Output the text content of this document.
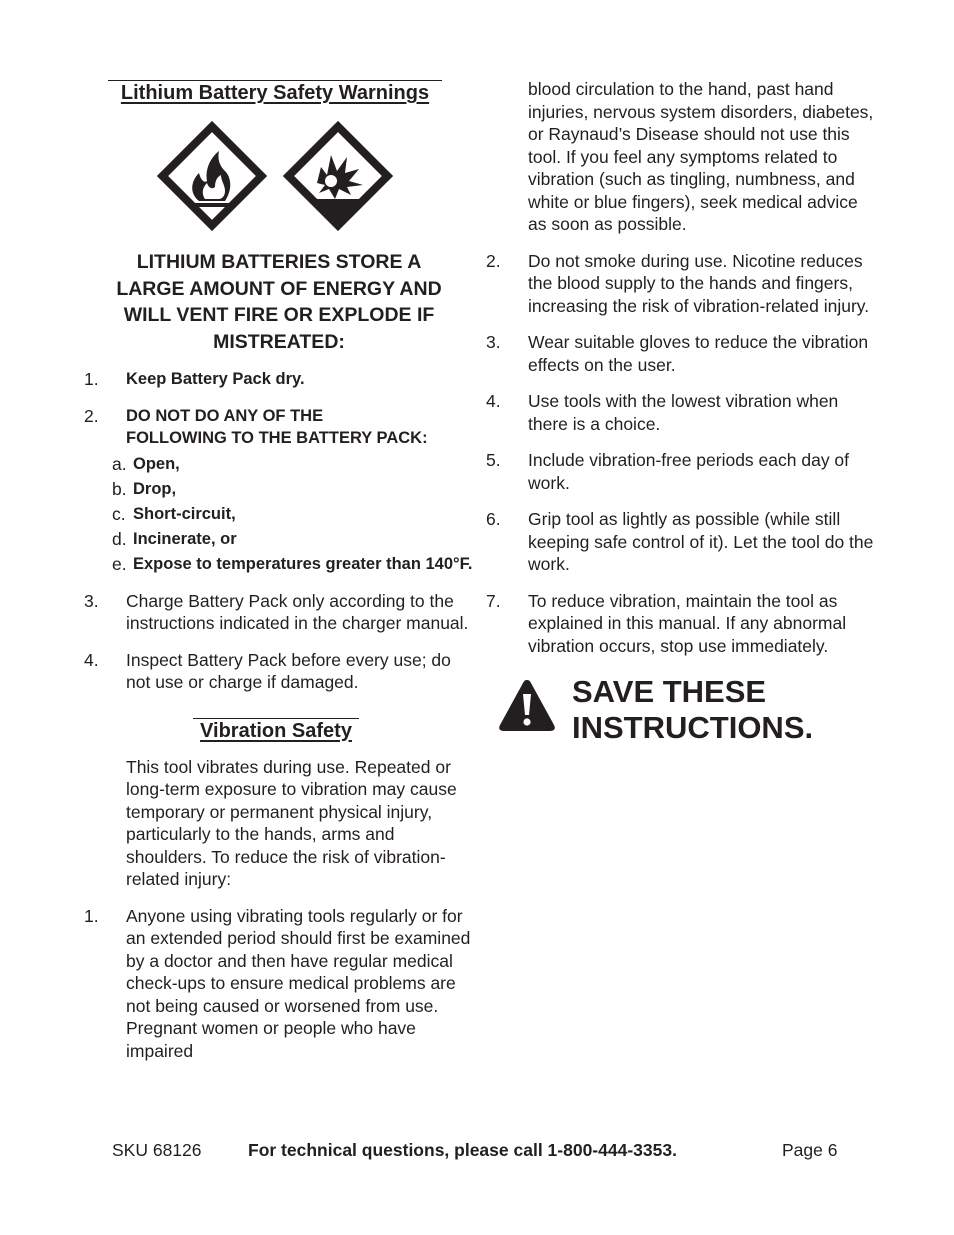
Lithium Battery Safety Warnings

LITHIUM BATTERIES STORE A
LARGE AMOUNT OF ENERGY AND
WILL VENT FIRE OR EXPLODE IF
MISTREATED:

1.	Keep Battery Pack dry.
2.	DO NOT DO ANY OF THE
FOLLOWING TO THE BATTERY PACK:
a. Open,
b. Drop,
c. Short-circuit,
d. Incinerate, or
e. Expose to temperatures greater than 140°F.
3.	Charge Battery Pack only according to the instructions indicated in the charger manual.
4.	Inspect Battery Pack before every use; do not use or charge if damaged.

Vibration Safety

This tool vibrates during use. Repeated or long-term exposure to vibration may cause temporary or permanent physical injury, particularly to the hands, arms and shoulders. To reduce the risk of vibration-related injury:
1.	Anyone using vibrating tools regularly or for an extended period should first be examined by a doctor and then have regular medical check-ups to ensure medical problems are not being caused or worsened from use. Pregnant women or people who have impaired
blood circulation to the hand, past hand injuries, nervous system disorders, diabetes, or Raynaud’s Disease should not use this tool. If you feel any symptoms related to vibration (such as tingling, numbness, and white or blue fingers), seek medical advice as soon as possible.
2.	Do not smoke during use. Nicotine reduces the blood supply to the hands and fingers, increasing the risk of vibration-related injury.
3.	Wear suitable gloves to reduce the vibration effects on the user.
4.	Use tools with the lowest vibration when there is a choice.
5.	Include vibration-free periods each day of work.
6.	Grip tool as lightly as possible (while still keeping safe control of it). Let the tool do the work.
7.	To reduce vibration, maintain the tool as explained in this manual. If any abnormal vibration occurs, stop use immediately.
SAVE THESE
INSTRUCTIONS.
SKU 68126	For technical questions, please call 1-800-444-3353.	Page 6
